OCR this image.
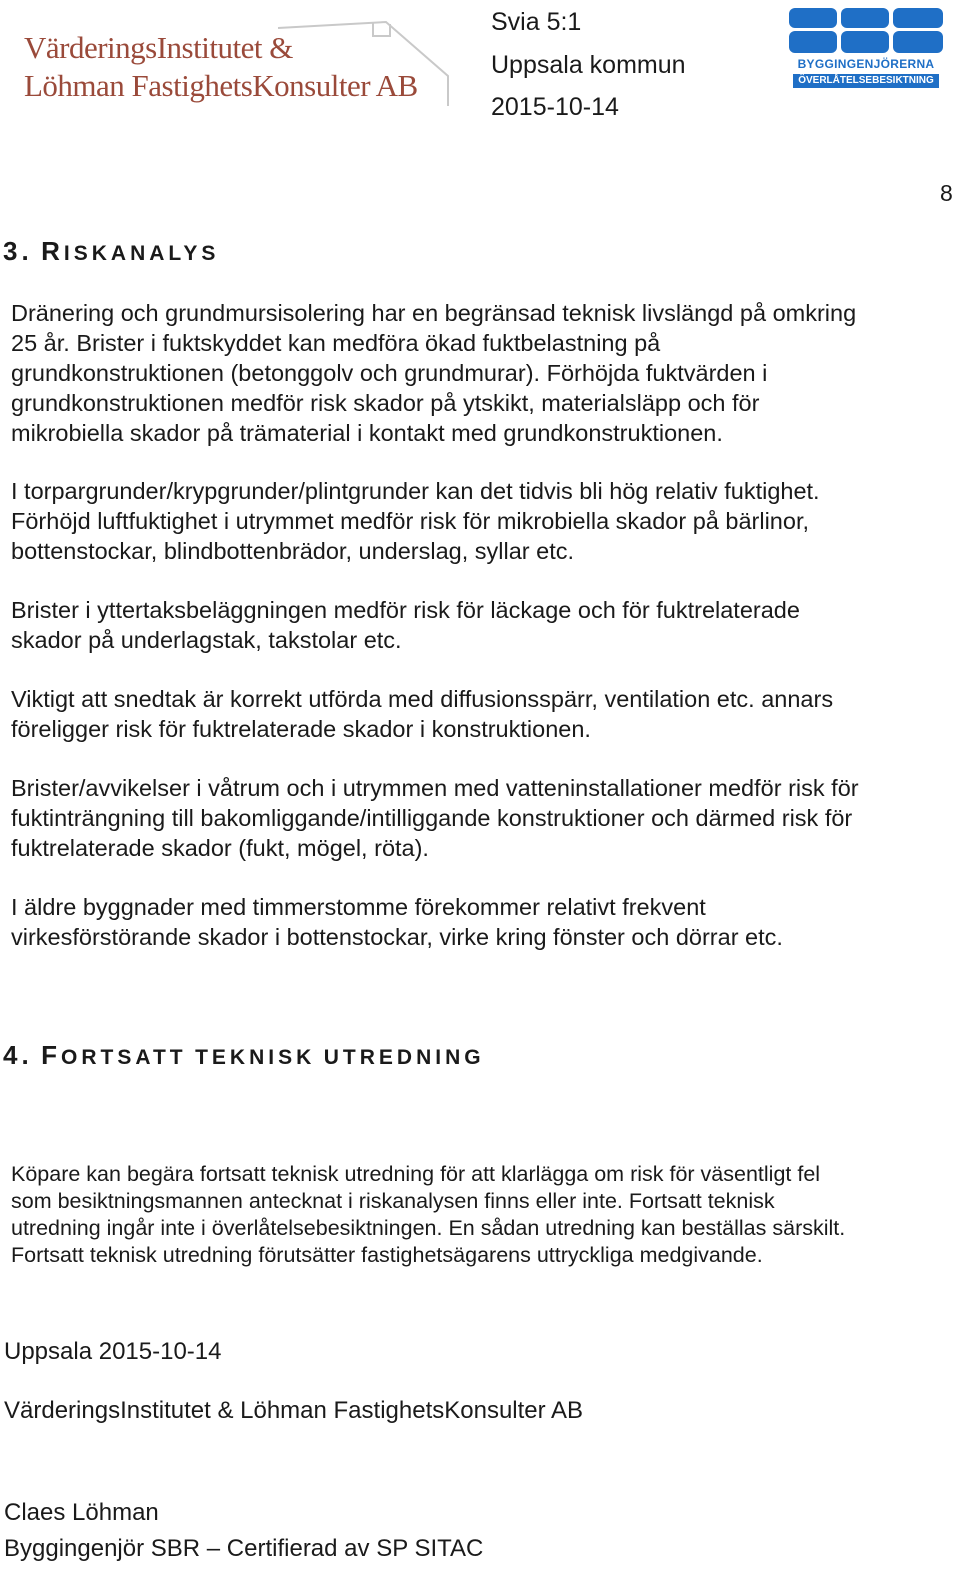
VärderingsInstitutet &
Löhman FastighetsKonsulter AB
Svia 5:1
Uppsala kommun
2015-10-14
BYGGINGENJÖRERNA
ÖVERLÅTELSEBESIKTNING
8
3. RISKANALYS
Dränering och grundmursisolering har en begränsad teknisk livslängd på omkring
25 år. Brister i fuktskyddet kan medföra ökad fuktbelastning på
grundkonstruktionen (betonggolv och grundmurar). Förhöjda fuktvärden i
grundkonstruktionen medför risk skador på ytskikt, materialsläpp och för
mikrobiella skador på trämaterial i kontakt med grundkonstruktionen.
I torpargrunder/krypgrunder/plintgrunder kan det tidvis bli hög relativ fuktighet.
Förhöjd luftfuktighet i utrymmet medför risk för mikrobiella skador på bärlinor,
bottenstockar, blindbottenbrädor, underslag, syllar etc.
Brister i yttertaksbeläggningen medför risk för läckage och för fuktrelaterade
skador på underlagstak, takstolar etc.
Viktigt att snedtak är korrekt utförda med diffusionsspärr, ventilation etc. annars
föreligger risk för fuktrelaterade skador i konstruktionen.
Brister/avvikelser i våtrum och i utrymmen med vatteninstallationer medför risk för
fuktinträngning till bakomliggande/intilliggande konstruktioner och därmed risk för
fuktrelaterade skador (fukt, mögel, röta).
I äldre byggnader med timmerstomme förekommer relativt frekvent
virkesförstörande skador i bottenstockar, virke kring fönster och dörrar etc.
4. FORTSATT TEKNISK UTREDNING
Köpare kan begära fortsatt teknisk utredning för att klarlägga om risk för väsentligt fel
som besiktningsmannen antecknat i riskanalysen finns eller inte. Fortsatt teknisk
utredning ingår inte i överlåtelsebesiktningen. En sådan utredning kan beställas särskilt.
Fortsatt teknisk utredning förutsätter fastighetsägarens uttryckliga medgivande.
Uppsala 2015-10-14
VärderingsInstitutet & Löhman FastighetsKonsulter AB
Claes Löhman
Byggingenjör SBR – Certifierad av SP SITAC
